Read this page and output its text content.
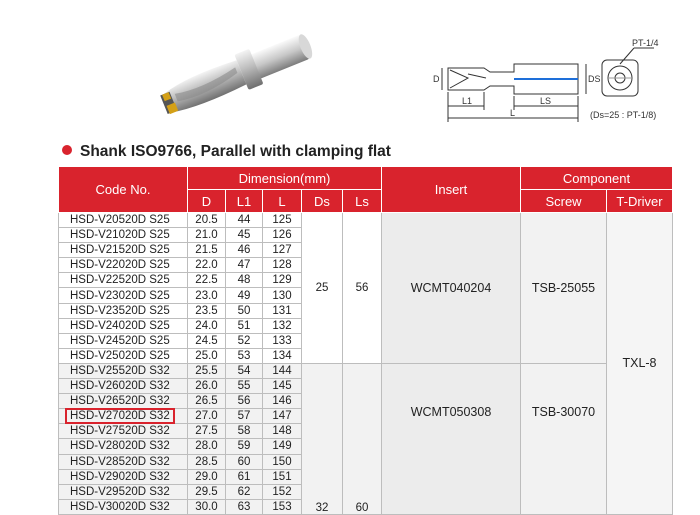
PT-1/4
D	DS
L1	LS
L	(Ds=25 : PT-1/8)
Shank ISO9766, Parallel with clamping flat
Code No.	Dimension(mm)					Insert	Component	
	D	L1	L	Ds	Ls		Screw	T-Driver
HSD-V20520D S25	20.5	44	125	25	56	WCMT040204	TSB-25055	TXL-8
HSD-V21020D S25	21.0	45	126					
HSD-V21520D S25	21.5	46	127					
HSD-V22020D S25	22.0	47	128					
HSD-V22520D S25	22.5	48	129					
HSD-V23020D S25	23.0	49	130					
HSD-V23520D S25	23.5	50	131					
HSD-V24020D S25	24.0	51	132					
HSD-V24520D S25	24.5	52	133					
HSD-V25020D S25	25.0	53	134					
HSD-V25520D S32	25.5	54	144	32	60	WCMT050308	TSB-30070	
HSD-V26020D S32	26.0	55	145					
HSD-V26520D S32	26.5	56	146					
HSD-V27020D S32	27.0	57	147					
HSD-V27520D S32	27.5	58	148					
HSD-V28020D S32	28.0	59	149					
HSD-V28520D S32	28.5	60	150					
HSD-V29020D S32	29.0	61	151					
HSD-V29520D S32	29.5	62	152					
HSD-V30020D S32	30.0	63	153					
